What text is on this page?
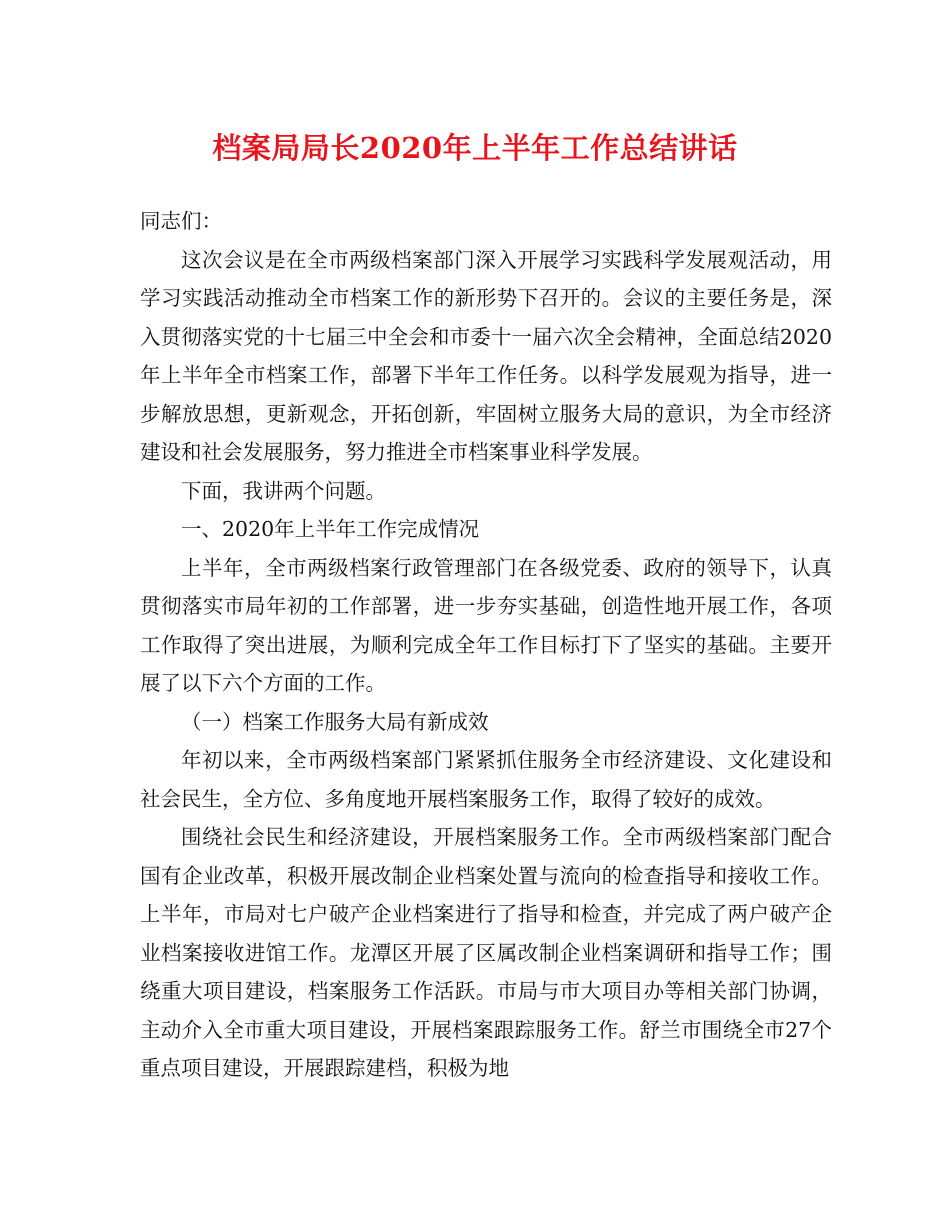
档案局局长2020年上半年工作总结讲话

同志们：

这次会议是在全市两级档案部门深入开展学习实践科学发展观活动，用学习实践活动推动全市档案工作的新形势下召开的。会议的主要任务是，深入贯彻落实党的十七届三中全会和市委十一届六次全会精神，全面总结2020年上半年全市档案工作，部署下半年工作任务。以科学发展观为指导，进一步解放思想，更新观念，开拓创新，牢固树立服务大局的意识，为全市经济建设和社会发展服务，努力推进全市档案事业科学发展。

下面，我讲两个问题。

一、2020年上半年工作完成情况

上半年，全市两级档案行政管理部门在各级党委、政府的领导下，认真贯彻落实市局年初的工作部署，进一步夯实基础，创造性地开展工作，各项工作取得了突出进展，为顺利完成全年工作目标打下了坚实的基础。主要开展了以下六个方面的工作。

（一）档案工作服务大局有新成效

年初以来，全市两级档案部门紧紧抓住服务全市经济建设、文化建设和社会民生，全方位、多角度地开展档案服务工作，取得了较好的成效。

围绕社会民生和经济建设，开展档案服务工作。全市两级档案部门配合国有企业改革，积极开展改制企业档案处置与流向的检查指导和接收工作。上半年，市局对七户破产企业档案进行了指导和检查，并完成了两户破产企业档案接收进馆工作。龙潭区开展了区属改制企业档案调研和指导工作；围绕重大项目建设，档案服务工作活跃。市局与市大项目办等相关部门协调，主动介入全市重大项目建设，开展档案跟踪服务工作。舒兰市围绕全市27个重点项目建设，开展跟踪建档，积极为地
